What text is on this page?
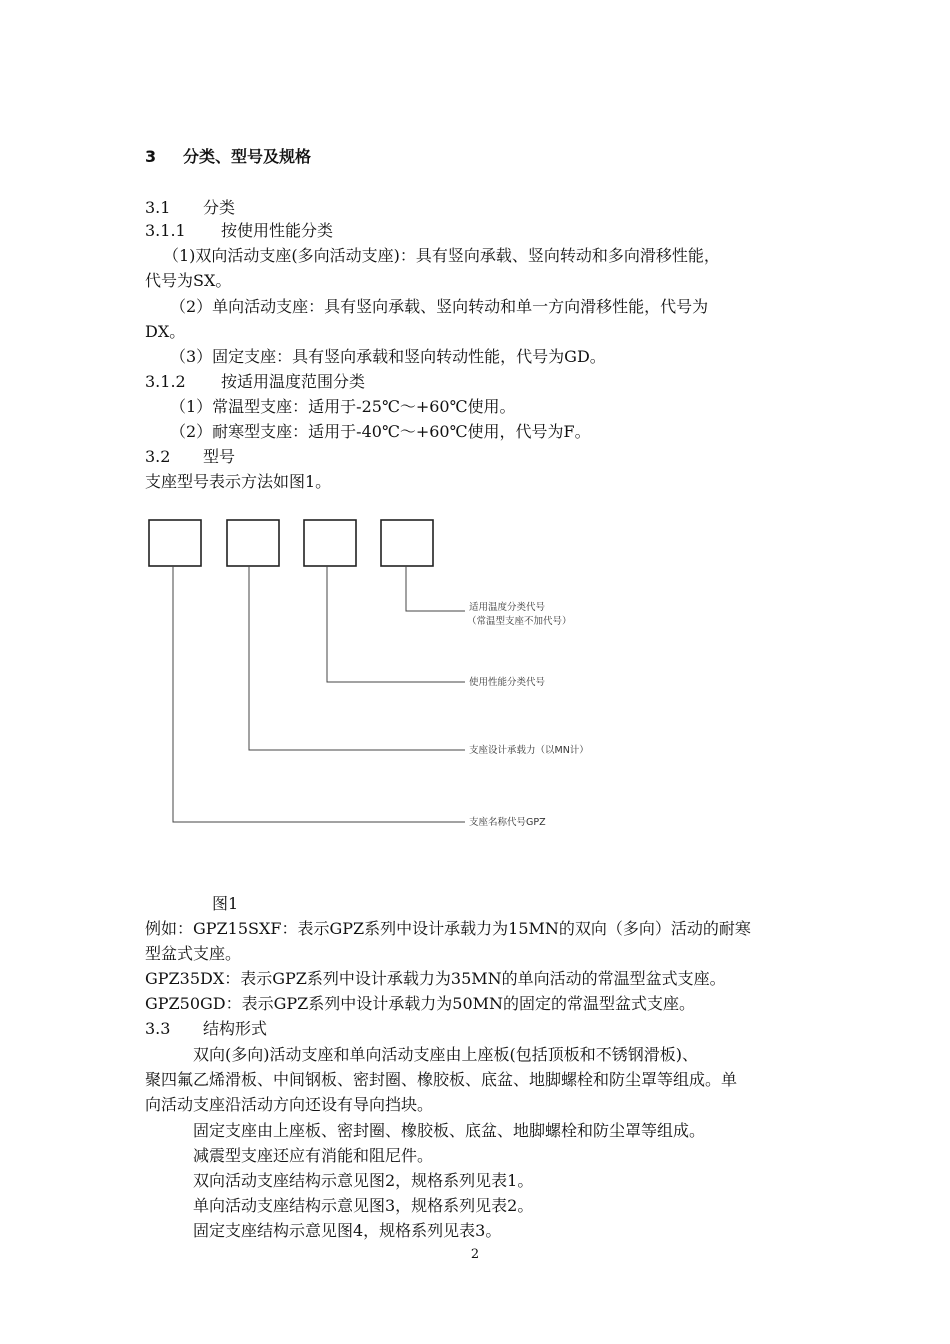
3 分类、型号及规格
3.1 分类
3.1.1 按使用性能分类
（1)双向活动支座(多向活动支座)：具有竖向承载、竖向转动和多向滑移性能，
代号为SX。
（2）单向活动支座：具有竖向承载、竖向转动和单一方向滑移性能，代号为
DX。
（3）固定支座：具有竖向承载和竖向转动性能，代号为GD。
3.1.2 按适用温度范围分类
（1）常温型支座：适用于-25℃～+60℃使用。
（2）耐寒型支座：适用于-40℃～+60℃使用，代号为F。
3.2 型号
支座型号表示方法如图1。
适用温度分类代号
（常温型支座不加代号）
使用性能分类代号
支座设计承载力（以MN计）
支座名称代号GPZ
图1
例如：GPZ15SXF：表示GPZ系列中设计承载力为15MN的双向（多向）活动的耐寒
型盆式支座。
GPZ35DX：表示GPZ系列中设计承载力为35MN的单向活动的常温型盆式支座。
GPZ50GD：表示GPZ系列中设计承载力为50MN的固定的常温型盆式支座。
3.3 结构形式
双向(多向)活动支座和单向活动支座由上座板(包括顶板和不锈钢滑板)、
聚四氟乙烯滑板、中间钢板、密封圈、橡胶板、底盆、地脚螺栓和防尘罩等组成。单
向活动支座沿活动方向还设有导向挡块。
固定支座由上座板、密封圈、橡胶板、底盆、地脚螺栓和防尘罩等组成。
减震型支座还应有消能和阻尼件。
双向活动支座结构示意见图2，规格系列见表1。
单向活动支座结构示意见图3，规格系列见表2。
固定支座结构示意见图4，规格系列见表3。
2
